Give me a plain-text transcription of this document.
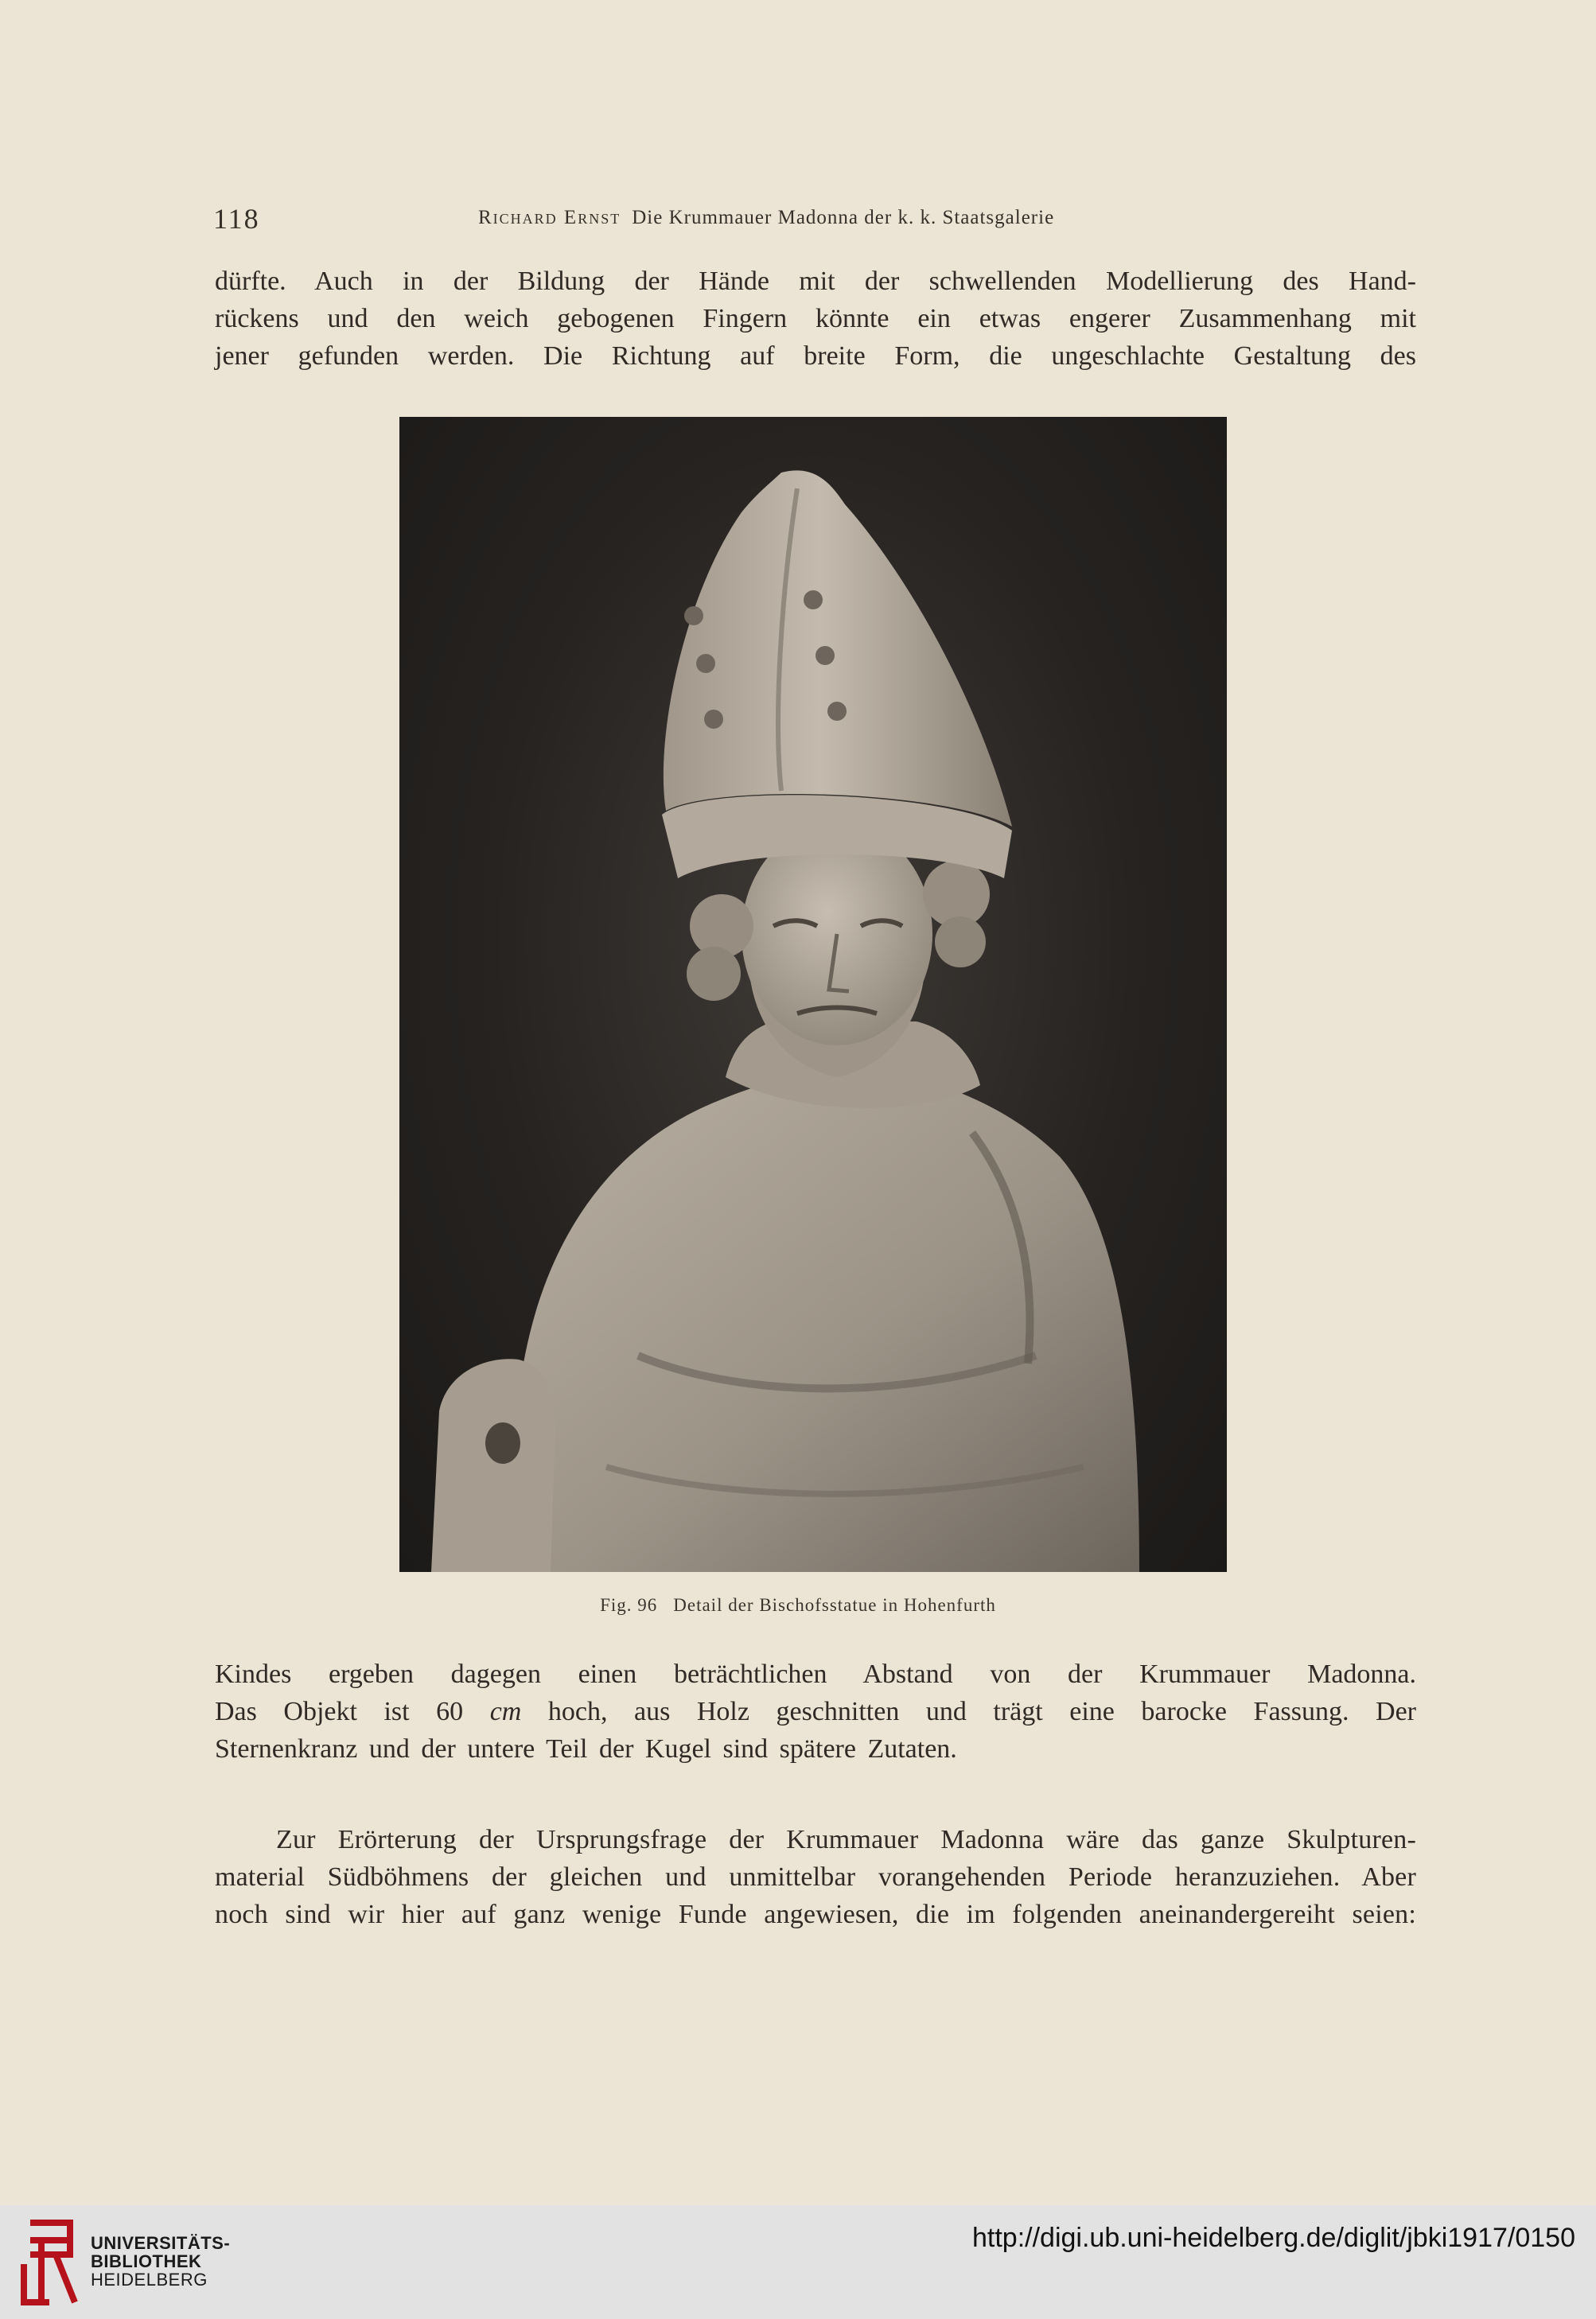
118	Richard Ernst Die Krummauer Madonna der k. k. Staatsgalerie

dürfte. Auch in der Bildung der Hände mit der schwellenden Modellierung des Hand-

rückens und den weich gebogenen Fingern könnte ein etwas engerer Zusammenhang mit

jener gefunden werden. Die Richtung auf breite Form, die ungeschlachte Gestaltung des

Fig. 96 Detail der Bischofsstatue in Hohenfurth

Kindes ergeben dagegen einen beträchtlichen Abstand von der Krummauer Madonna.

Das Objekt ist 60 cm hoch, aus Holz geschnitten und trägt eine barocke Fassung. Der

Sternenkranz und der untere Teil der Kugel sind spätere Zutaten.

Zur Erörterung der Ursprungsfrage der Krummauer Madonna wäre das ganze Skulpturen-

material Südböhmens der gleichen und unmittelbar vorangehenden Periode heranzuziehen. Aber

noch sind wir hier auf ganz wenige Funde angewiesen, die im folgenden aneinandergereiht seien:

UNIVERSITÄTS-
BIBLIOTHEK
HEIDELBERG
http://digi.ub.uni-heidelberg.de/diglit/jbki1917/0150
